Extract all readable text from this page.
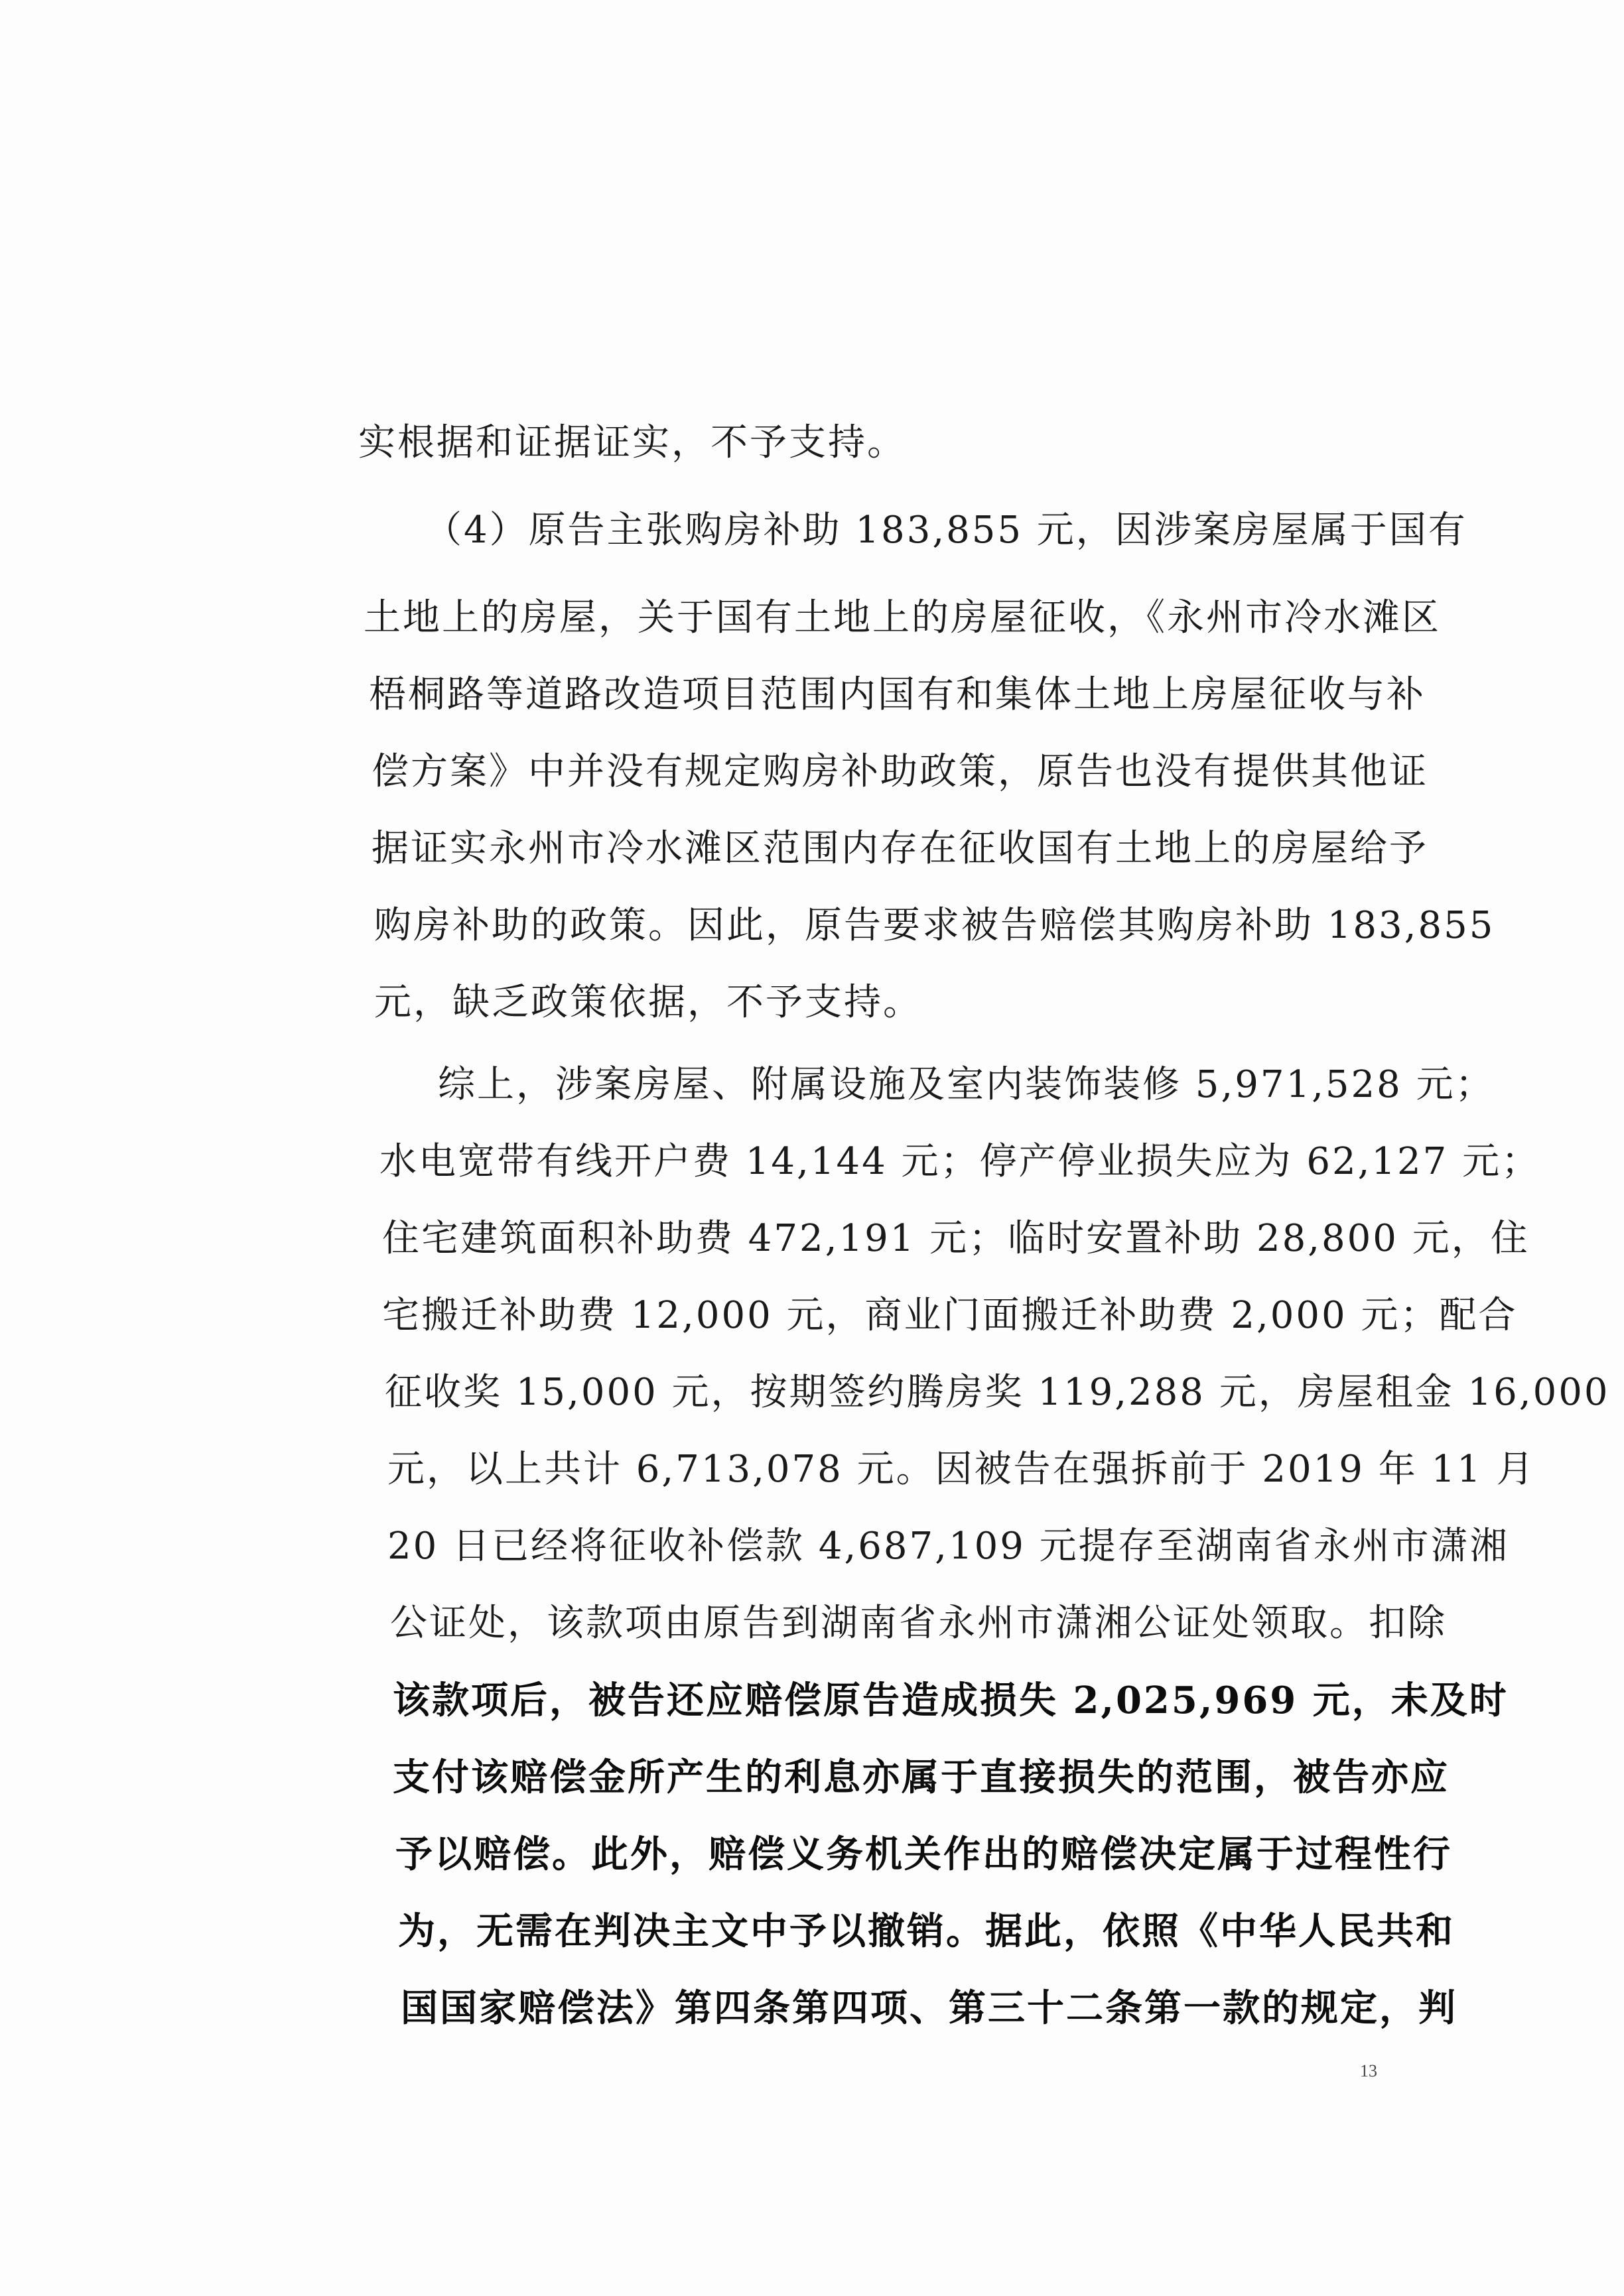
实根据和证据证实，不予支持。
（4）原告主张购房补助 183,855 元，因涉案房屋属于国有
土地上的房屋，关于国有土地上的房屋征收，《永州市冷水滩区
梧桐路等道路改造项目范围内国有和集体土地上房屋征收与补
偿方案》中并没有规定购房补助政策，原告也没有提供其他证
据证实永州市冷水滩区范围内存在征收国有土地上的房屋给予
购房补助的政策。因此，原告要求被告赔偿其购房补助 183,855
元，缺乏政策依据，不予支持。
综上，涉案房屋、附属设施及室内装饰装修 5,971,528 元；
水电宽带有线开户费 14,144 元；停产停业损失应为 62,127 元；
住宅建筑面积补助费 472,191 元；临时安置补助 28,800 元，住
宅搬迁补助费 12,000 元，商业门面搬迁补助费 2,000 元；配合
征收奖 15,000 元，按期签约腾房奖 119,288 元，房屋租金 16,000
元，以上共计 6,713,078 元。因被告在强拆前于 2019 年 11 月
20 日已经将征收补偿款 4,687,109 元提存至湖南省永州市潇湘
公证处，该款项由原告到湖南省永州市潇湘公证处领取。扣除
该款项后，被告还应赔偿原告造成损失 2,025,969 元，未及时
支付该赔偿金所产生的利息亦属于直接损失的范围，被告亦应
予以赔偿。此外，赔偿义务机关作出的赔偿决定属于过程性行
为，无需在判决主文中予以撤销。据此，依照《中华人民共和
国国家赔偿法》第四条第四项、第三十二条第一款的规定，判
13
